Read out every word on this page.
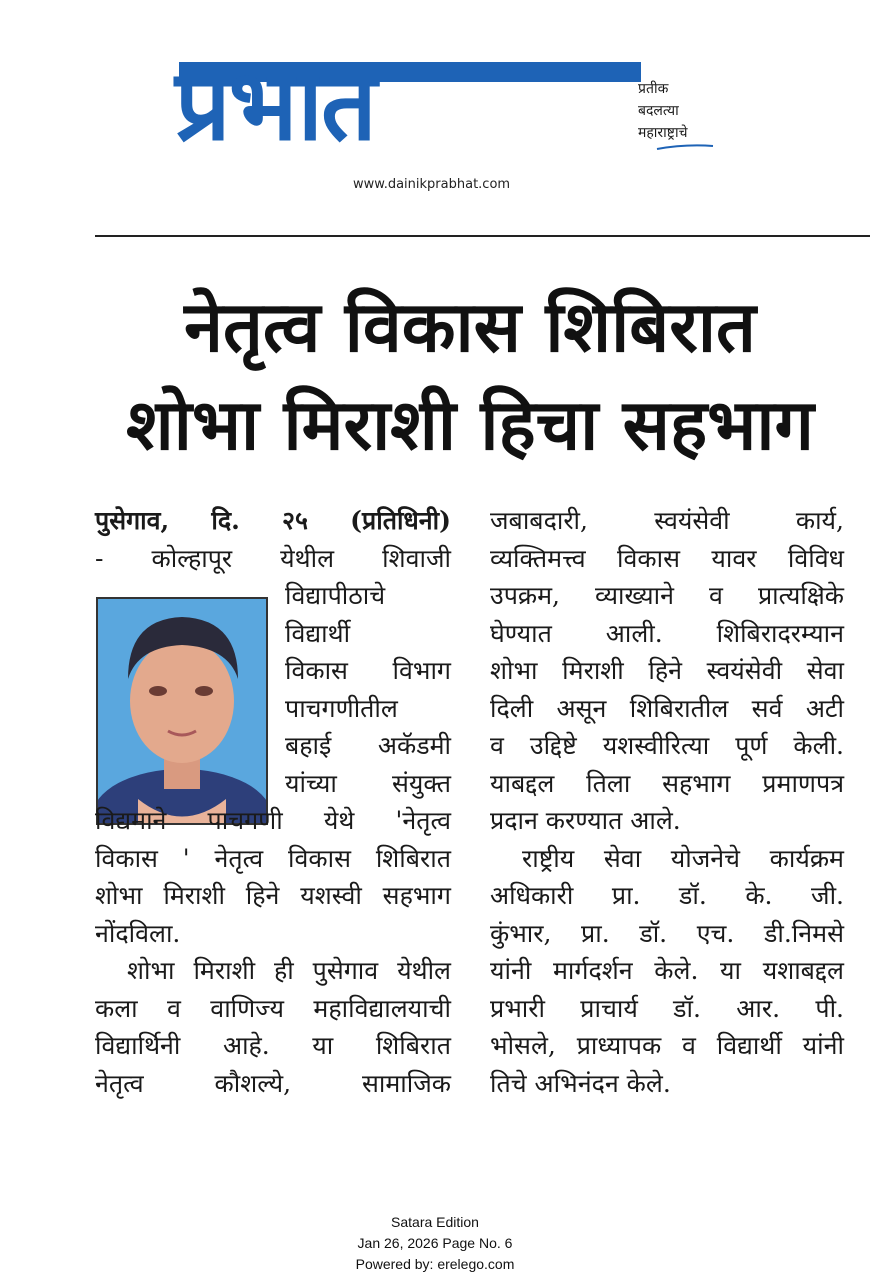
प्रभात	प्रतीक
बदलत्या
महाराष्ट्राचे
www.dainikprabhat.com
नेतृत्व विकास शिबिरात
शोभा मिराशी हिचा सहभाग
पुसेगाव, दि. २५ (प्रतिधिनी)
- कोल्हापूर येथील शिवाजी
विद्यापीठाचे
विद्यार्थी
विकास विभाग
पाचगणीतील
बहाई अकॅडमी
यांच्या संयुक्त
विद्यमाने पाचगणी येथे 'नेतृत्व
विकास ' नेतृत्व विकास शिबिरात
शोभा मिराशी हिने यशस्वी सहभाग
नोंदविला.
शोभा मिराशी ही पुसेगाव येथील
कला व वाणिज्य महाविद्यालयाची
विद्यार्थिनी आहे. या शिबिरात
नेतृत्व कौशल्ये, सामाजिक
जबाबदारी, स्वयंसेवी कार्य,
व्यक्तिमत्त्व विकास यावर विविध
उपक्रम, व्याख्याने व प्रात्यक्षिके
घेण्यात आली. शिबिरादरम्यान
शोभा मिराशी हिने स्वयंसेवी सेवा
दिली असून शिबिरातील सर्व अटी
व उद्दिष्टे यशस्वीरित्या पूर्ण केली.
याबद्दल तिला सहभाग प्रमाणपत्र
प्रदान करण्यात आले.
राष्ट्रीय सेवा योजनेचे कार्यक्रम
अधिकारी प्रा. डॉ. के. जी.
कुंभार, प्रा. डॉ. एच. डी.निमसे
यांनी मार्गदर्शन केले. या यशाबद्दल
प्रभारी प्राचार्य डॉ. आर. पी.
भोसले, प्राध्यापक व विद्यार्थी यांनी
तिचे अभिनंदन केले.
Satara Edition
Jan 26, 2026 Page No. 6
Powered by: erelego.com
